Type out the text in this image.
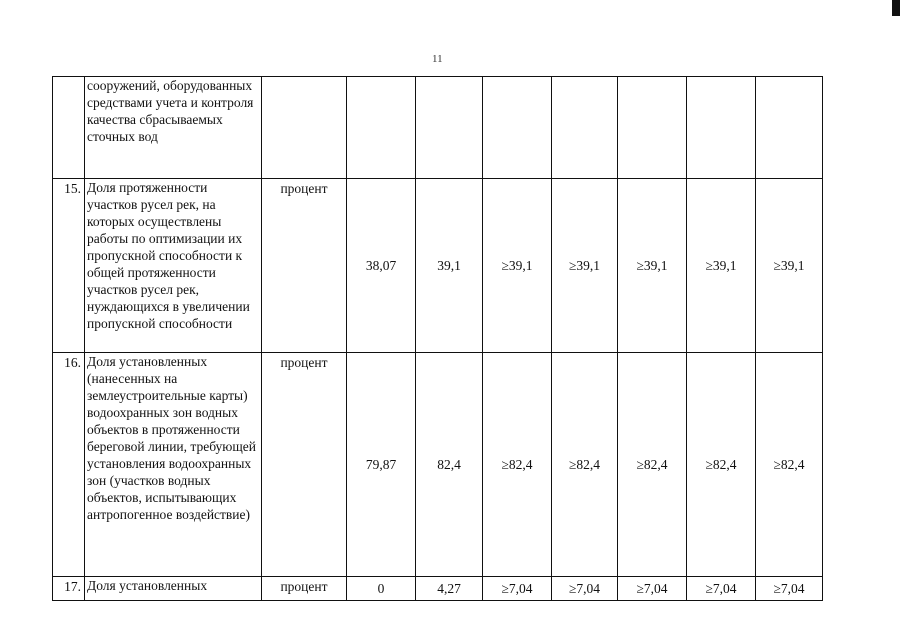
11
	сооружений, оборудованных средствами учета и контроля качества сбрасываемых сточных вод	

15.	Доля протяженности участков русел рек, на которых осуществлены работы по оптимизации их пропускной способности к общей протяженности участков русел рек, нуждающихся в увеличении пропускной способности	процент	38,07	39,1	≥39,1	≥39,1	≥39,1	≥39,1	≥39,1

16.	Доля установленных (нанесенных на землеустроительные карты) водоохранных зон водных объектов в протяженности береговой линии, требующей установления водоохранных зон (участков водных объектов, испытывающих антропогенное воздействие)	процент	79,87	82,4	≥82,4	≥82,4	≥82,4	≥82,4	≥82,4

17.	Доля установленных	процент	0	4,27	≥7,04	≥7,04	≥7,04	≥7,04	≥7,04
